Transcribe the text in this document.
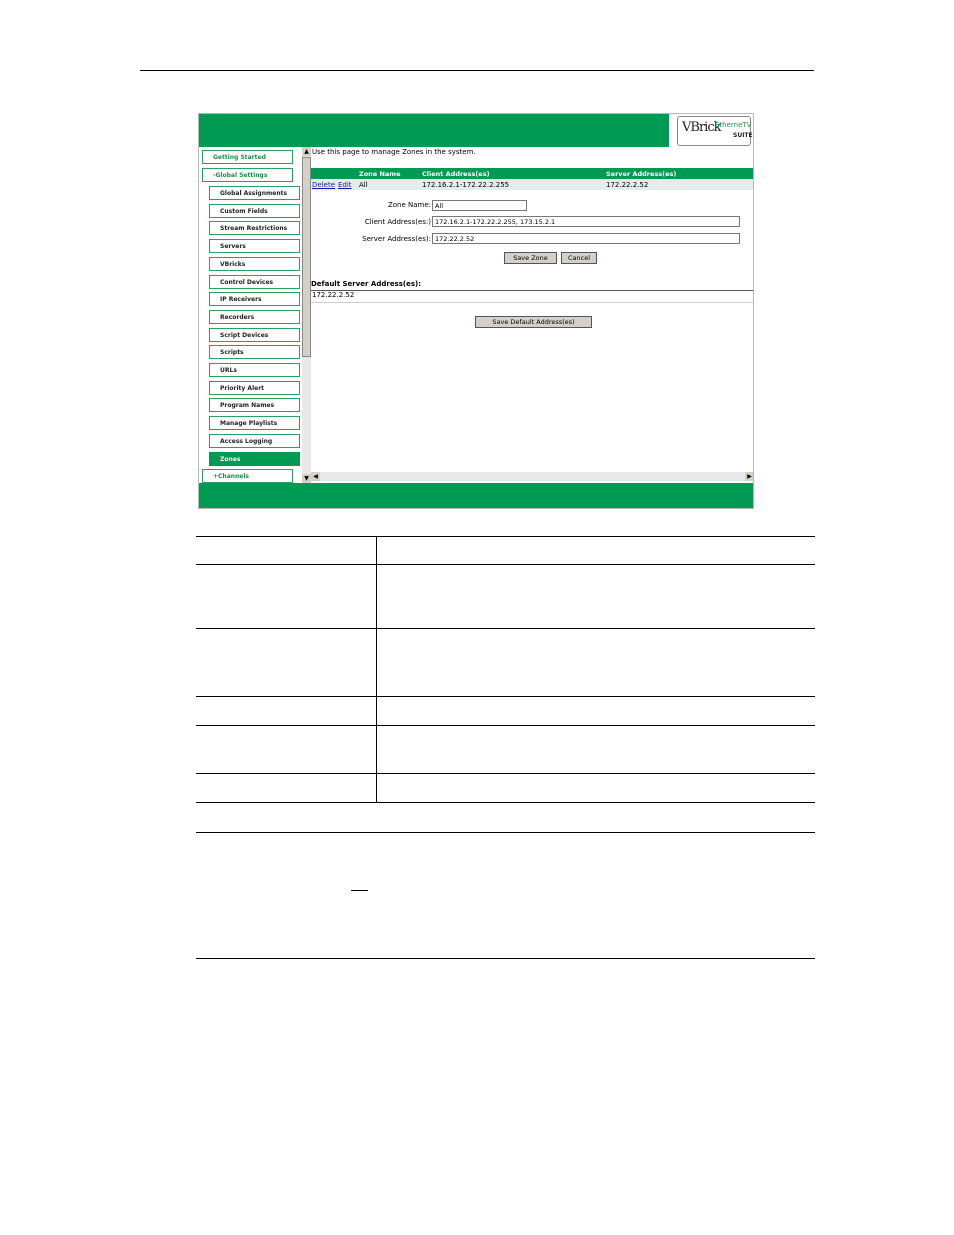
VBrick
EtherneTV
SUITE
Getting Started
-Global Settings
Global Assignments
Custom Fields
Stream Restrictions
Servers
VBricks
Control Devices
IP Receivers
Recorders
Script Devices
Scripts
URLs
Priority Alert
Program Names
Manage Playlists
Access Logging
Zones
+Channels
▲
▼
Use this page to manage Zones in the system.
Zone Name	Client Address(es)	Server Address(es)
Delete Edit All	172.16.2.1-172.22.2.255	172.22.2.52
Zone Name: All
Client Address(es:) 172.16.2.1-172.22.2.255, 173.15.2.1
Server Address(es): 172.22.2.52
Save Zone	Cancel
Default Server Address(es):
172.22.2.52
Save Default Address(es)
◀	▶
